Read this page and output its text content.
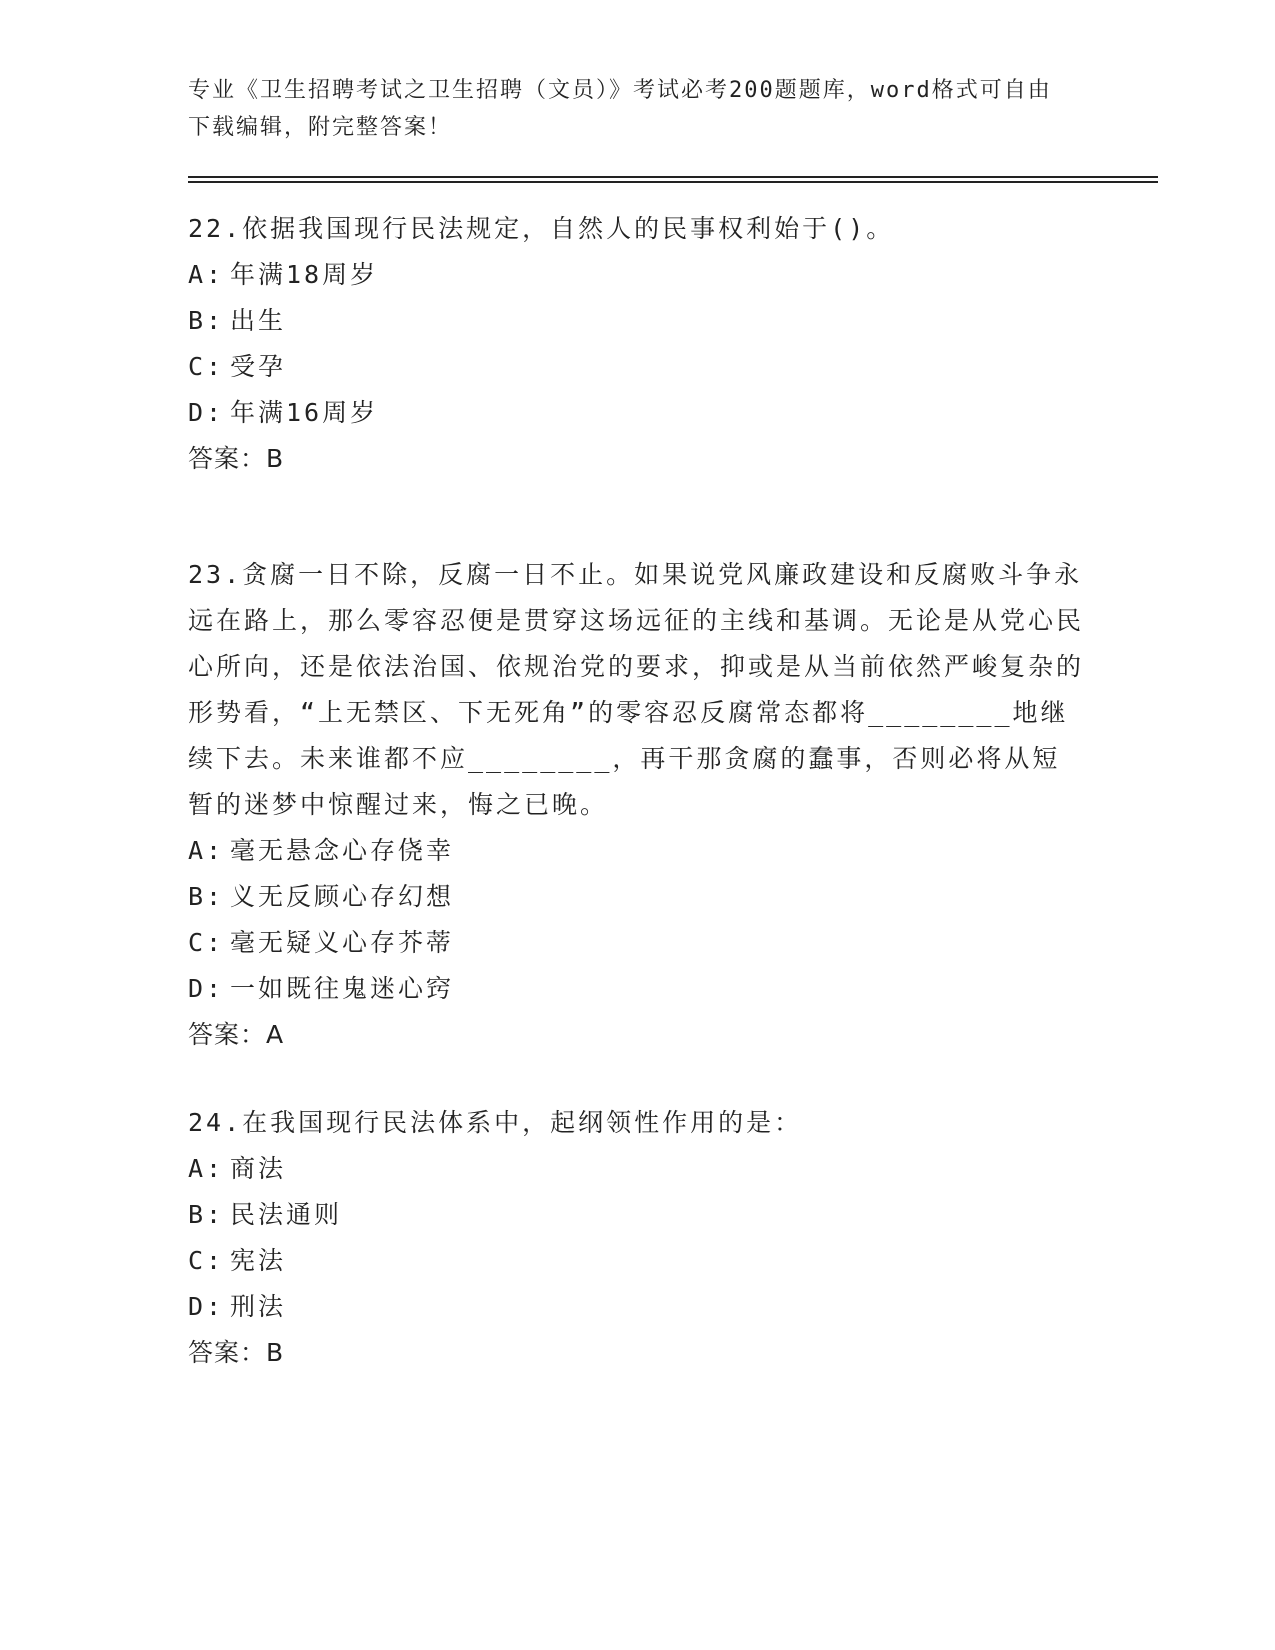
专业《卫生招聘考试之卫生招聘（文员）》考试必考200题题库，word格式可自由下载编辑，附完整答案！
22.依据我国现行民法规定，自然人的民事权利始于()。
A: 年满18周岁
B: 出生
C: 受孕
D: 年满16周岁
答案：B
23.贪腐一日不除，反腐一日不止。如果说党风廉政建设和反腐败斗争永远在路上，那么零容忍便是贯穿这场远征的主线和基调。无论是从党心民心所向，还是依法治国、依规治党的要求，抑或是从当前依然严峻复杂的形势看，“上无禁区、下无死角”的零容忍反腐常态都将________地继续下去。未来谁都不应________，再干那贪腐的蠢事，否则必将从短暂的迷梦中惊醒过来，悔之已晚。
A: 毫无悬念心存侥幸
B: 义无反顾心存幻想
C: 毫无疑义心存芥蒂
D: 一如既往鬼迷心窍
答案：A
24.在我国现行民法体系中，起纲领性作用的是：
A: 商法
B: 民法通则
C: 宪法
D: 刑法
答案：B
